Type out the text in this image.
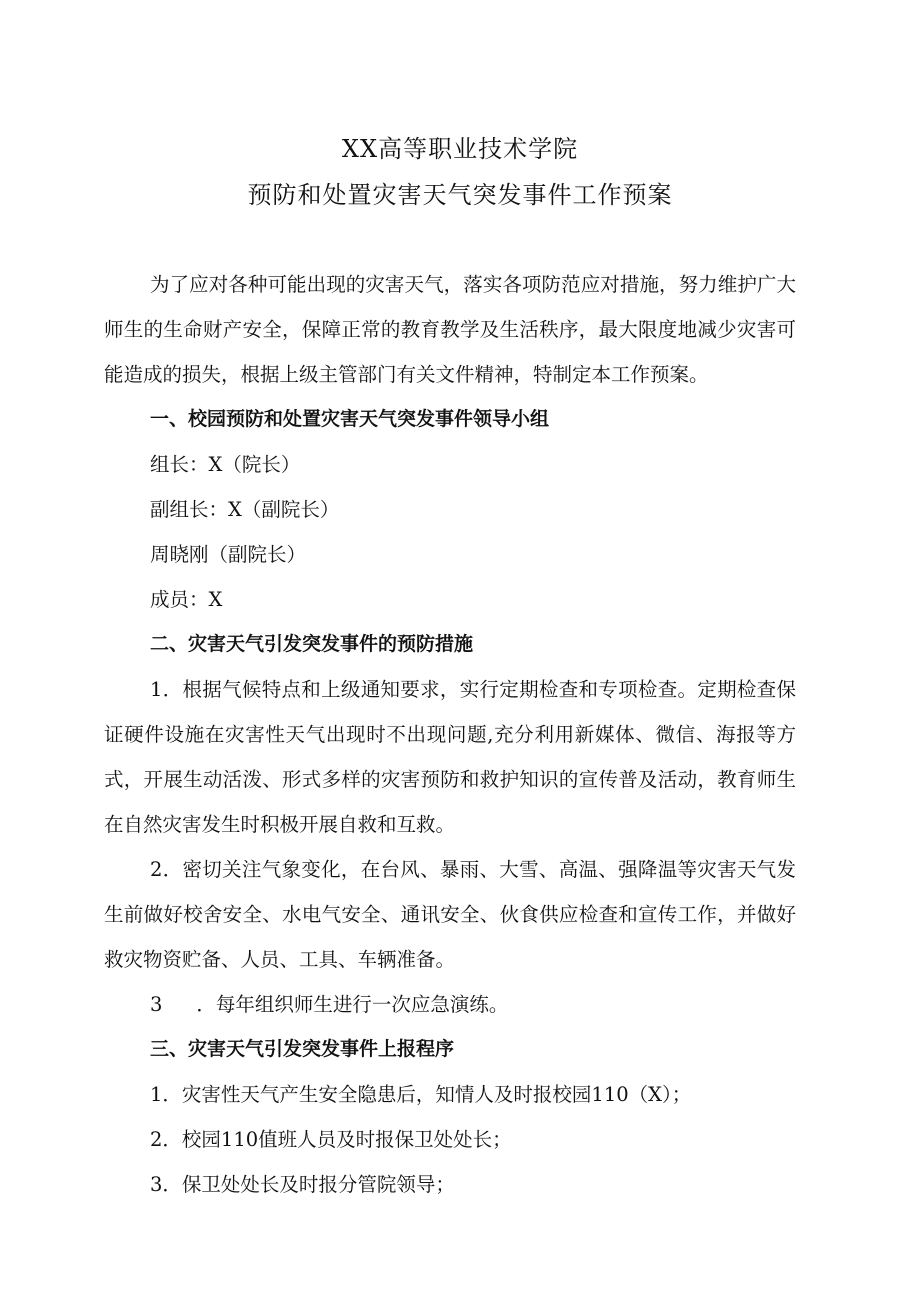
XX高等职业技术学院
预防和处置灾害天气突发事件工作预案

为了应对各种可能出现的灾害天气，落实各项防范应对措施，努力维护广大师生的生命财产安全，保障正常的教育教学及生活秩序，最大限度地减少灾害可能造成的损失，根据上级主管部门有关文件精神，特制定本工作预案。

一、校园预防和处置灾害天气突发事件领导小组

组长：X（院长）

副组长：X（副院长）

周晓刚（副院长）

成员：X

二、灾害天气引发突发事件的预防措施

1．根据气候特点和上级通知要求，实行定期检查和专项检查。定期检查保证硬件设施在灾害性天气出现时不出现问题,充分利用新媒体、微信、海报等方式，开展生动活泼、形式多样的灾害预防和救护知识的宣传普及活动，教育师生在自然灾害发生时积极开展自救和互救。

2．密切关注气象变化，在台风、暴雨、大雪、高温、强降温等灾害天气发生前做好校舍安全、水电气安全、通讯安全、伙食供应检查和宣传工作，并做好救灾物资贮备、人员、工具、车辆准备。

3 ．每年组织师生进行一次应急演练。

三、灾害天气引发突发事件上报程序

1．灾害性天气产生安全隐患后，知情人及时报校园110（X）；

2．校园110值班人员及时报保卫处处长；

3．保卫处处长及时报分管院领导；
